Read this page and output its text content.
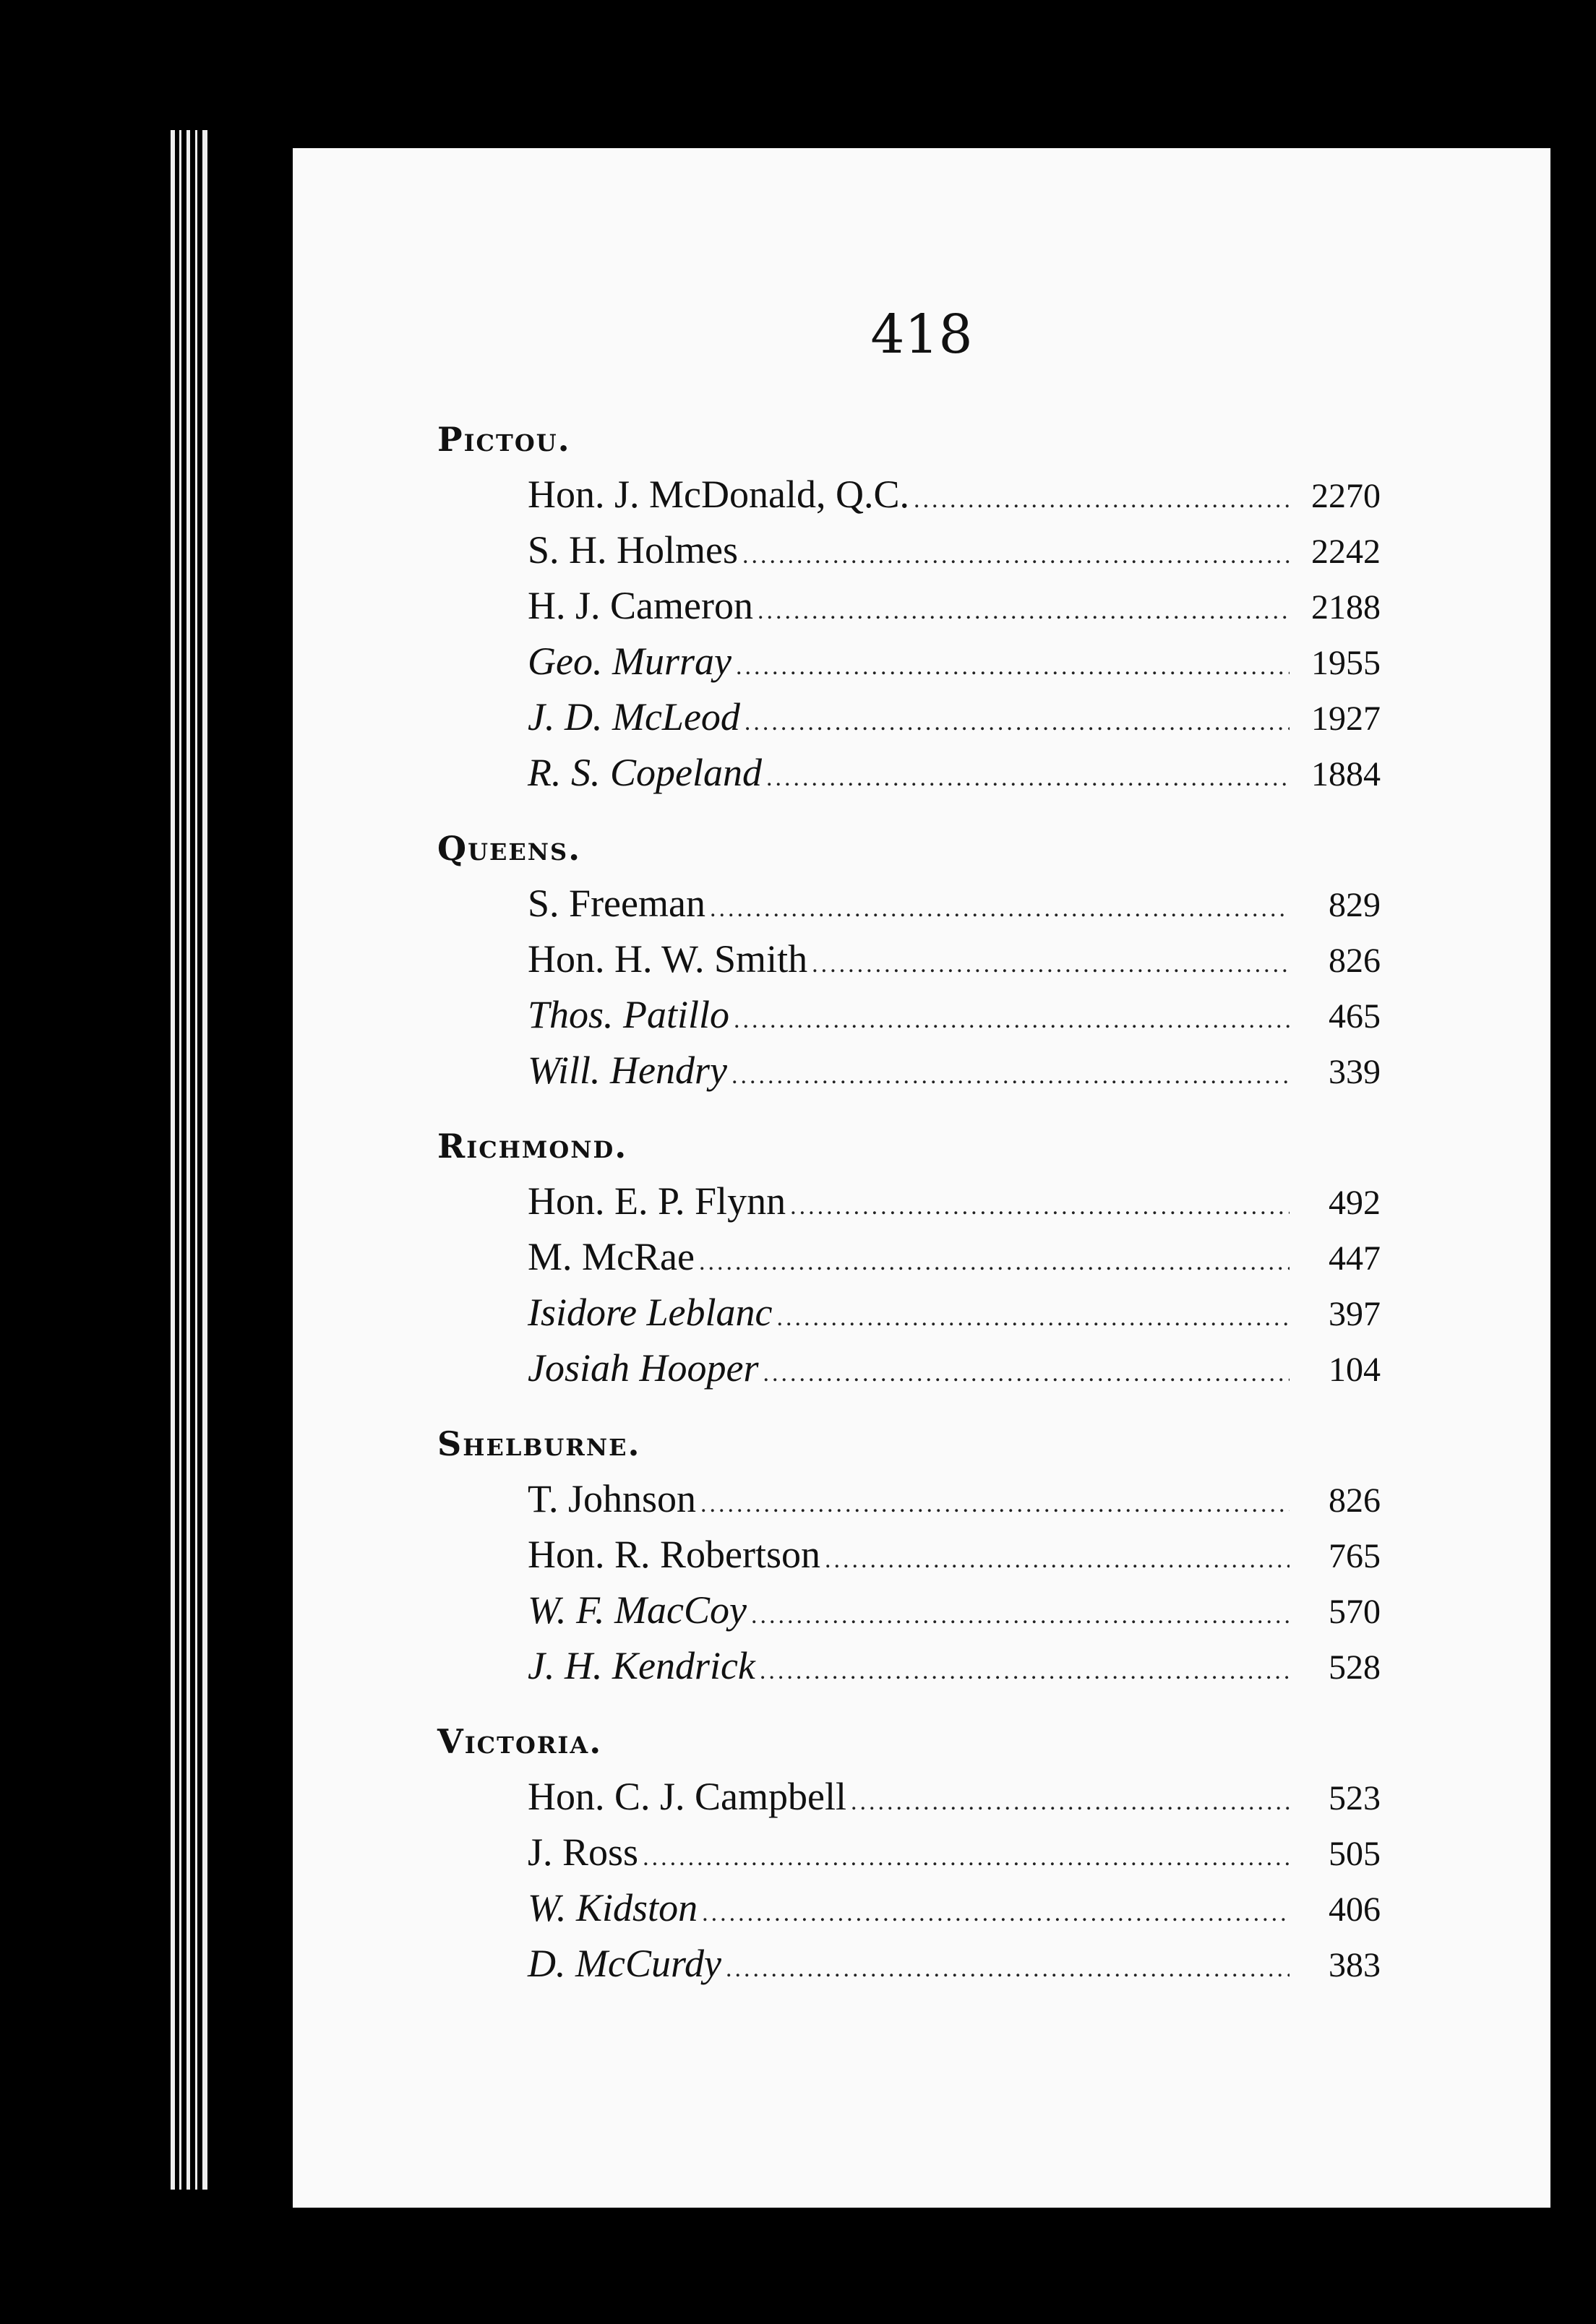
418
Pictou.
Hon. J. McDonald, Q.C. .....	2270
S. H. Holmes .....	2242
H. J. Cameron .....	2188
Geo. Murray .....	1955
J. D. McLeod .....	1927
R. S. Copeland .....	1884
Queens.
S. Freeman .....	829
Hon. H. W. Smith .....	826
Thos. Patillo .....	465
Will. Hendry .....	339
Richmond.
Hon. E. P. Flynn .....	492
M. McRae .....	447
Isidore Leblanc .....	397
Josiah Hooper .....	104
Shelburne.
T. Johnson .....	826
Hon. R. Robertson .....	765
W. F. MacCoy .....	570
J. H. Kendrick .....	528
Victoria.
Hon. C. J. Campbell .....	523
J. Ross .....	505
W. Kidston .....	406
D. McCurdy .....	383
